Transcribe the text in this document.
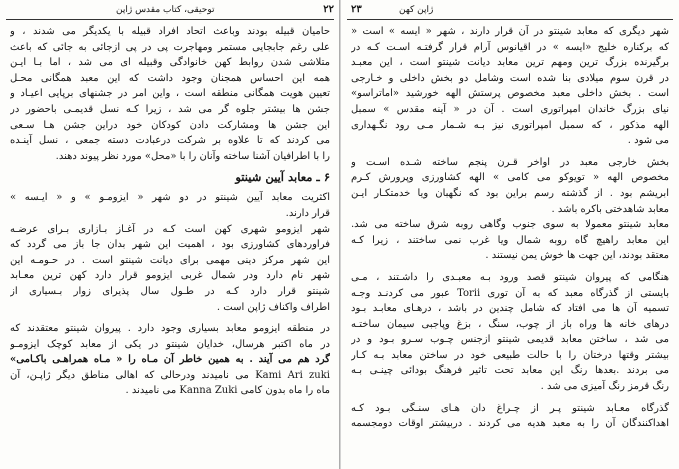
۲۲
توحیقی، کتاب مقدس ژاپن
حامیان قبیله بودند وباعث اتحاد افراد قبیله با یکدیگر می شدند ، و
علی رغم جابجایی مستمر ومهاجرت پی در پی ازجائی به جائی که باعث
متلاشی شدن روابط کهن خانوادگی وقبیله ای می شد ، اما بـا ایـن
همه این احساس همجنان وجود داشت که این معبد همگانی محـل
تعیین هویت همگانی منطقه است ، واین امر در جشنهای برپایی اعیـاد و
جشن ها بیشتر جلوه گر می شد ، زیرا کـه نسل قدیمـی باحضور در
این جشن ها ومشارکت دادن کودکان خود دراین جشن هـا سـعی
می کردند که تا علاوه بر شرکت درعبادت دسته جمعی ، نسل آینـده
را با اطرافیان آشنا ساخته وآنان را با «محل» مورد نظر پیوند دهند.
۶ ـ معابد آیین شینتو
اکثریت معابد آیین شینتو در دو شهر « ایزومـو » و « ایـسه »
قرار دارند.
شهر ایزومو شهری کهن است کـه در آغـاز بـازاری بـرای عرضـه
فراوردهای کشاورزی بود ، اهمیت این شهر بدان جا باز می گردد که
این شهر مرکز دینی مهمی برای دیانت شینتو است . در حـومـه این
شهر نام دارد ودر شمال غربی ایزومو قرار دارد کهن ترین معـابد
شینتو قرار دارد کـه در طـول سال پذیرای زوار بـسیاری از
اطراف واکناف ژاپن است .
در منطقه ایزومو معابد بسیاری وجود دارد . پیروان شینتو معتقدند که
در ماه اکتبر هرسال، خدایان شینتو در یکی از معابد کوچک ایزومـو
گرد هم می آیند . به همین خاطر آن مـاه را « مـاه همراهـی باکـامی»
Kami Ari zuki می نامیدند ودرحالی که اهالی مناطق دیگر ژاپـن، آن
ماه را ماه بدون کامی Kanna Zuki می نامیدند .
۲۳	ژاپن کهن
شهر دیگری که معابد شینتو در آن قرار دارند ، شهر « ایسه » است «
که برکناره خلیج «ایسه » در اقیانوس آرام قرار گرفتـه اسـت کـه در
برگیرنده بزرگ ترین ومهم ترین معابد دیانت شینتو است ، این معبـد
در قرن سوم میلادی بنا شده است وشامل دو بخش داخلی و خـارجی
است . بخش داخلی معبد مخصوص پرستش الهه خورشید «اماتراسو»
نیای بزرگ خاندان امپراتوری است . آن در « آینه مقدس » سمبل
الهه مذکور ، که سمبل امپراتوری نیز بـه شـمار مـی رود نگـهداری
می شود .
بخش خارجی معبد در اواخر قـرن پنجم ساخته شـده اسـت و
مخصوص الهه « تویوکو می کامی » الهه کشاورزی وپرورش کـرم
ابریشم بود . از گذشته رسم براین بود که نگهبان ویا خدمتکـار ایـن
معابد شاهدختی باکره باشد .
معابد شینتو معمولا به سوی جنوب وگاهی روبه شرق ساخته می شد.
این معابد راهیچ گاه روبه شمال ویا غرب نمی ساختند ، زیرا کـه
معتقد بودند، این جهت ها خوش یمن نیستند .
هنگامی که پیروان شینتو قصد ورود بـه معبـدی را داشـتند ، مـی
بایستی از گذرگاه معبد که به آن توری Torii عبور می کردنـد وجـه
تسمیه آن ها می افتاد که شامل چندین در باشد ، درهـای معابـد بـود
درهای خانه ها وراه باز از چوب، سنگ ، بزغ وپاجبی سیمان ساختـه
می شد ، ساختن معابد قدیمی شینتو ازجنس چـوب سـرو بـود و در
بیشتر وقتها درختان را با حالت طبیعی خود در ساختن معابد بـه کـار
می بردند .بعدها رنگ این معابد تحت تاثیر فرهنگ بودائی چینـی بـه
رنگ قرمز رنگ آمیزی می شد .
گذرگاه معـابد شینتو پـر از چـراغ دان هـای سنـگی بـود کـه
اهداکنندگان آن را به معبد هدیه می کردند . دربیشتر اوقات دومجسمه
